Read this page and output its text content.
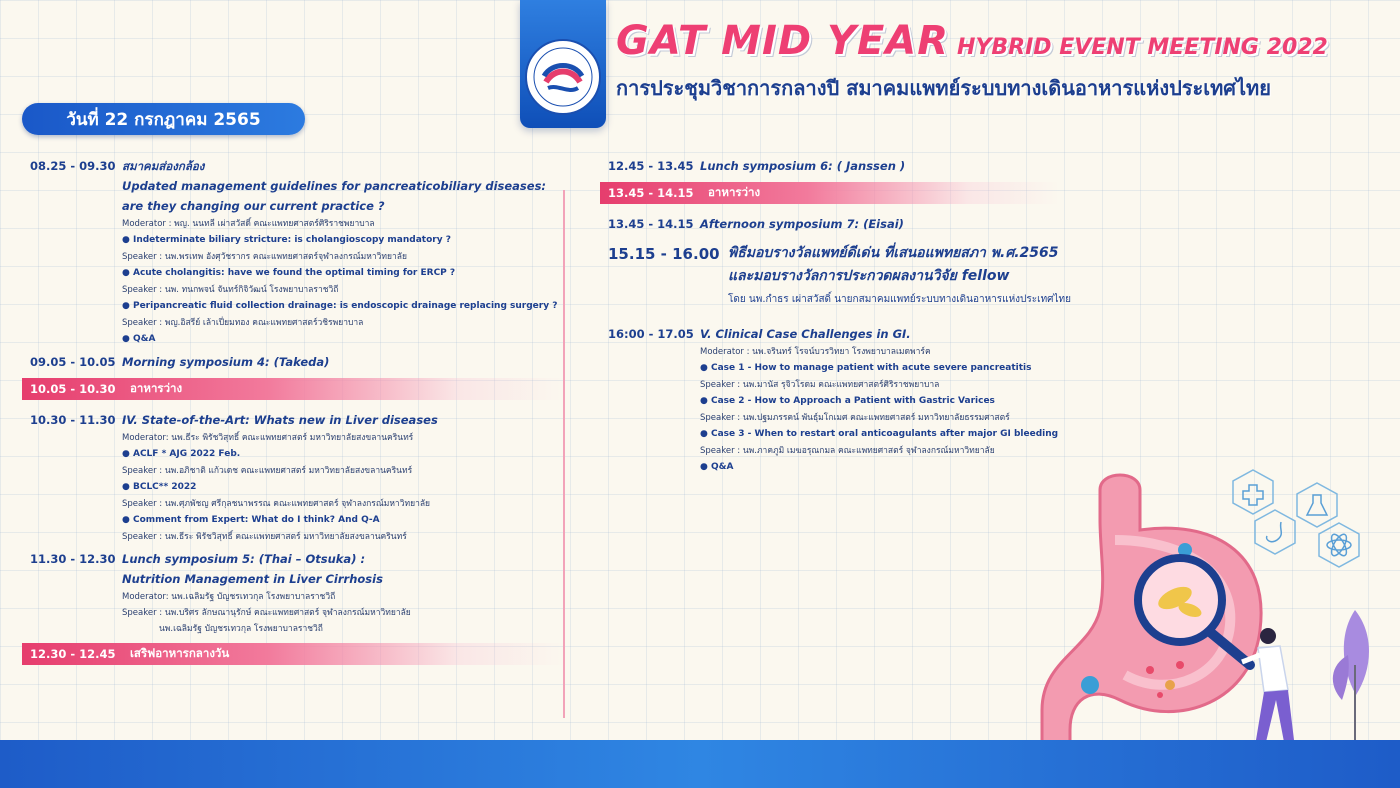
GAT MID YEAR HYBRID EVENT MEETING 2022
การประชุมวิชาการกลางปี สมาคมแพทย์ระบบทางเดินอาหารแห่งประเทศไทย
วันที่ 22 กรกฎาคม 2565
08.25 - 09.30 สมาคมส่องกล้อง
Updated management guidelines for pancreaticobiliary diseases:
are they changing our current practice ?
Moderator : พญ. นนทลี เผ่าสวัสดิ์ คณะแพทยศาสตร์ศิริราชพยาบาล
● Indeterminate biliary stricture: is cholangioscopy mandatory ?
Speaker : นพ.พรเทพ อังศุวัชรากร คณะแพทยศาสตร์จุฬาลงกรณ์มหาวิทยาลัย
● Acute cholangitis: have we found the optimal timing for ERCP ?
Speaker : นพ. ทนกพจน์ จันทร์กิจิวัฒน์ โรงพยาบาลราชวิถี
● Peripancreatic fluid collection drainage: is endoscopic drainage replacing surgery ?
Speaker : พญ.อิสรีย์ เล้าเปี่ยมทอง คณะแพทยศาสตร์วชิรพยาบาล
● Q&A
09.05 - 10.05 Morning symposium 4: (Takeda)
10.05 - 10.30	อาหารว่าง
10.30 - 11.30 IV. State-of-the-Art: Whats new in Liver diseases
Moderator: นพ.ธีระ พิรัชวิสุทธิ์ คณะแพทยศาสตร์ มหาวิทยาลัยสงขลานครินทร์
● ACLF * AJG 2022 Feb.
Speaker : นพ.อภิชาติ แก้วเดช คณะแพทยศาสตร์ มหาวิทยาลัยสงขลานครินทร์
● BCLC** 2022
Speaker : นพ.ศุภพัชญ ศรีกุลชนาพรรณ คณะแพทยศาสตร์ จุฬาลงกรณ์มหาวิทยาลัย
● Comment from Expert: What do I think? And Q-A
Speaker : นพ.ธีระ พิรัชวิสุทธิ์ คณะแพทยศาสตร์ มหาวิทยาลัยสงขลานครินทร์
11.30 - 12.30 Lunch symposium 5: (Thai – Otsuka) :
Nutrition Management in Liver Cirrhosis
Moderator: นพ.เฉลิมรัฐ บัญชรเทวกุล โรงพยาบาลราชวิถี
Speaker : นพ.บริศร ลักษณานุรักษ์ คณะแพทยศาสตร์ จุฬาลงกรณ์มหาวิทยาลัย
นพ.เฉลิมรัฐ บัญชรเทวกุล โรงพยาบาลราชวิถี
12.30 - 12.45	เสริฟอาหารกลางวัน
12.45 - 13.45 Lunch symposium 6: ( Janssen )
13.45 - 14.15	อาหารว่าง
13.45 - 14.15 Afternoon symposium 7: (Eisai)
15.15 - 16.00 พิธีมอบรางวัลแพทย์ดีเด่น ที่เสนอแพทยสภา พ.ศ.2565
และมอบรางวัลการประกวดผลงานวิจัย fellow
โดย นพ.กำธร เผ่าสวัสดิ์ นายกสมาคมแพทย์ระบบทางเดินอาหารแห่งประเทศไทย
16:00 - 17.05 V. Clinical Case Challenges in GI.
Moderator : นพ.จรินทร์ โรจน์บวรวิทยา โรงพยาบาลเมดพาร์ค
● Case 1 - How to manage patient with acute severe pancreatitis
Speaker : นพ.มานัส รุจิวโรดม คณะแพทยศาสตร์ศิริราชพยาบาล
● Case 2 - How to Approach a Patient with Gastric Varices
Speaker : นพ.ปฐมภรรคน์ พันธุ์มโกเมศ คณะแพทยศาสตร์ มหาวิทยาลัยธรรมศาสตร์
● Case 3 - When to restart oral anticoagulants after major GI bleeding
Speaker : นพ.ภาคภูมิ เมฆอรุณกมล คณะแพทยศาสตร์ จุฬาลงกรณ์มหาวิทยาลัย
● Q&A
